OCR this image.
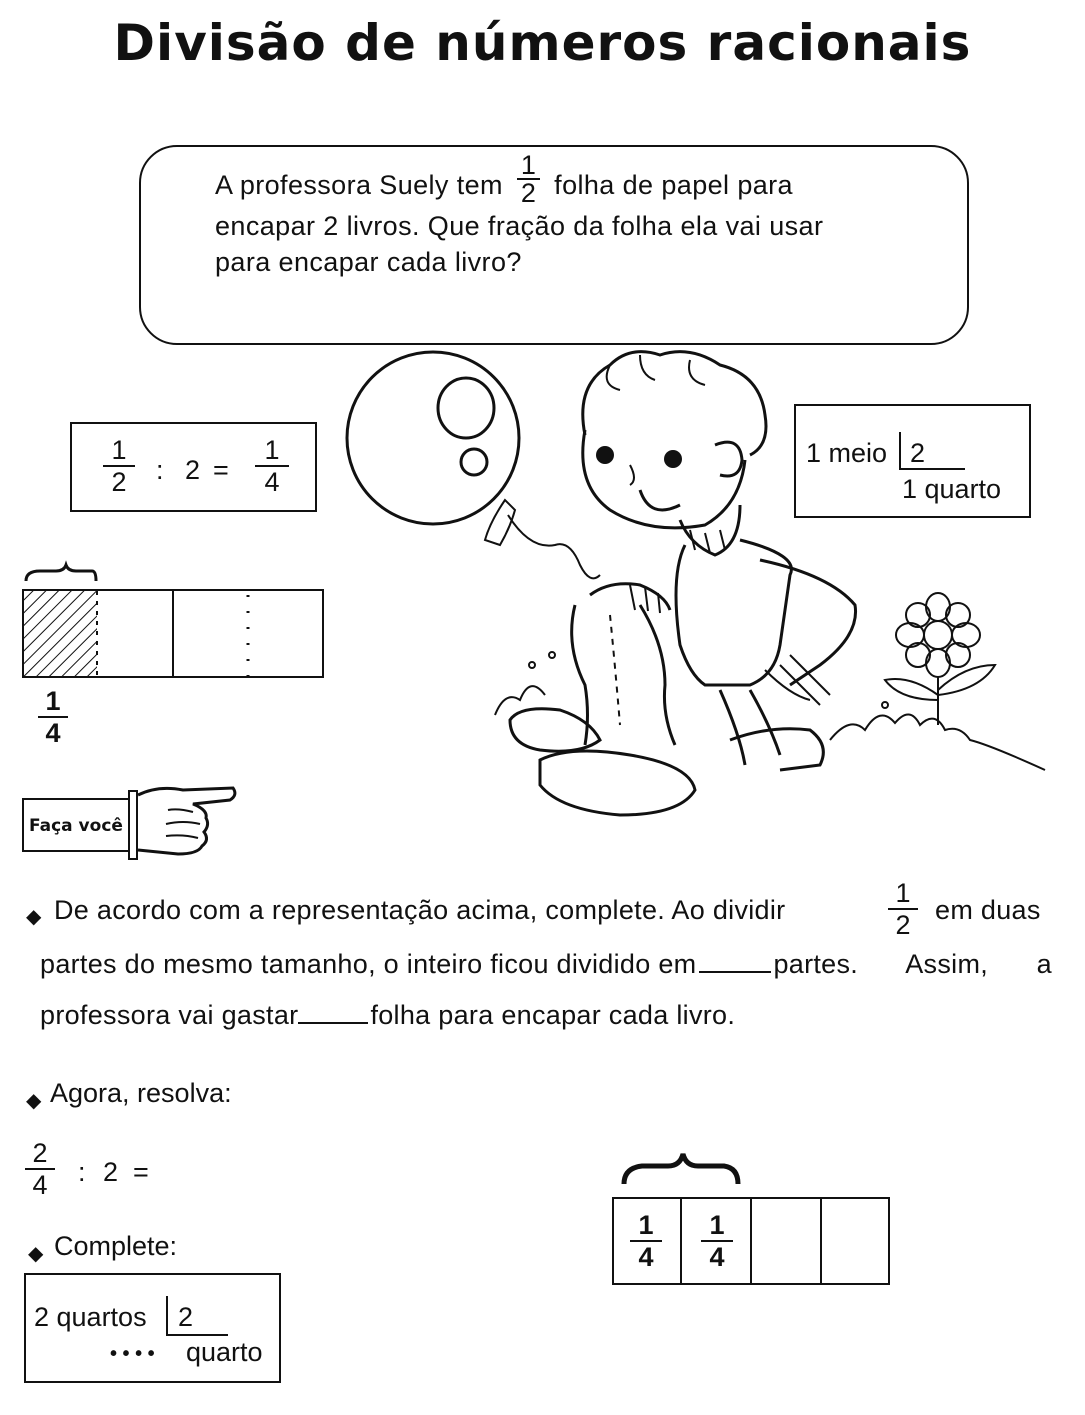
Divisão de números racionais
A professora Suely tem $\frac{1}{2}$ folha de papel para
encapar 2 livros. Que fração da folha ela vai usar
para encapar cada livro?
$\frac{1}{2}$ : $2 = \frac{1}{4}$	1 meio 2
1 quarto
$\frac{1}{4}$
Faça você
◆ De acordo com a representação acima, complete. Ao dividir	$\frac{1}{2}$ em duas
partes do mesmo tamanho, o inteiro ficou dividido em	partes. Assim, a
professora vai gastar	folha para encapar cada livro.
◆ Agora, resolva:
$\frac{2}{4}$ : 2 =
◆ Complete:
2 quartos 2
• • • • quarto
$\frac{1}{4} \frac{1}{4}$
